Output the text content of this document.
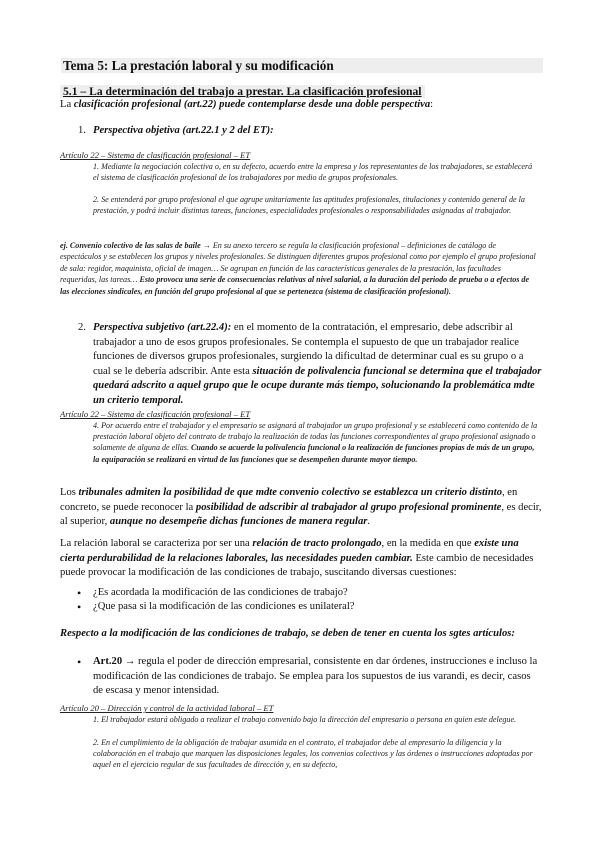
Tema 5: La prestación laboral y su modificación
5.1 – La determinación del trabajo a prestar. La clasificación profesional
La clasificación profesional (art.22) puede contemplarse desde una doble perspectiva:
1. Perspectiva objetiva (art.22.1 y 2 del ET):
Artículo 22 – Sistema de clasificación profesional – ET
1. Mediante la negociación colectiva o, en su defecto, acuerdo entre la empresa y los representantes de los trabajadores, se establecerá el sistema de clasificación profesional de los trabajadores por medio de grupos profesionales.
2. Se entenderá por grupo profesional el que agrupe unitariamente las aptitudes profesionales, titulaciones y contenido general de la prestación, y podrá incluir distintas tareas, funciones, especialidades profesionales o responsabilidades asignadas al trabajador.
ej. Convenio colectivo de las salas de baile → En su anexo tercero se regula la clasificación profesional – definiciones de catálogo de espectáculos y se establecen los grupos y niveles profesionales. Se distinguen diferentes grupos profesional como por ejemplo el grupo profesional de sala: regidor, maquinista, oficial de imagen… Se agrupan en función de las características generales de la prestación, las facultades requeridas, las tareas… Esto provoca una serie de consecuencias relativas al nivel salarial, a la duración del periodo de prueba o a efectos de las elecciones sindicales, en función del grupo profesional al que se pertenezca (sistema de clasificación profesional).
2. Perspectiva subjetivo (art.22.4): en el momento de la contratación, el empresario, debe adscribir al trabajador a uno de esos grupos profesionales. Se contempla el supuesto de que un trabajador realice funciones de diversos grupos profesionales, surgiendo la dificultad de determinar cual es su grupo o a cual se le debería adscribir. Ante esta situación de polivalencia funcional se determina que el trabajador quedará adscrito a aquel grupo que le ocupe durante más tiempo, solucionando la problemática mdte un criterio temporal.
Artículo 22 – Sistema de clasificación profesional – ET
4. Por acuerdo entre el trabajador y el empresario se asignará al trabajador un grupo profesional y se establecerá como contenido de la prestación laboral objeto del contrato de trabajo la realización de todas las funciones correspondientes al grupo profesional asignado o solamente de alguna de ellas. Cuando se acuerde la polivalencia funcional o la realización de funciones propias de más de un grupo, la equiparación se realizará en virtud de las funciones que se desempeñen durante mayor tiempo.
Los tribunales admiten la posibilidad de que mdte convenio colectivo se establezca un criterio distinto, en concreto, se puede reconocer la posibilidad de adscribir al trabajador al grupo profesional prominente, es decir, al superior, aunque no desempeñe dichas funciones de manera regular.
La relación laboral se caracteriza por ser una relación de tracto prolongado, en la medida en que existe una cierta perdurabilidad de la relaciones laborales, las necesidades pueden cambiar. Este cambio de necesidades puede provocar la modificación de las condiciones de trabajo, suscitando diversas cuestiones:
• ¿Es acordada la modificación de las condiciones de trabajo?
• ¿Que pasa si la modificación de las condiciones es unilateral?
Respecto a la modificación de las condiciones de trabajo, se deben de tener en cuenta los sgtes artículos:
• Art.20 → regula el poder de dirección empresarial, consistente en dar órdenes, instrucciones e incluso la modificación de las condiciones de trabajo. Se emplea para los supuestos de ius varandi, es decir, casos de escasa y menor intensidad.
Artículo 20 – Dirección y control de la actividad laboral – ET
1. El trabajador estará obligado a realizar el trabajo convenido bajo la dirección del empresario o persona en quien este delegue.
2. En el cumplimiento de la obligación de trabajar asumida en el contrato, el trabajador debe al empresario la diligencia y la colaboración en el trabajo que marquen las disposiciones legales, los convenios colectivos y las órdenes o instrucciones adoptadas por aquel en el ejercicio regular de sus facultades de dirección y, en su defecto,
